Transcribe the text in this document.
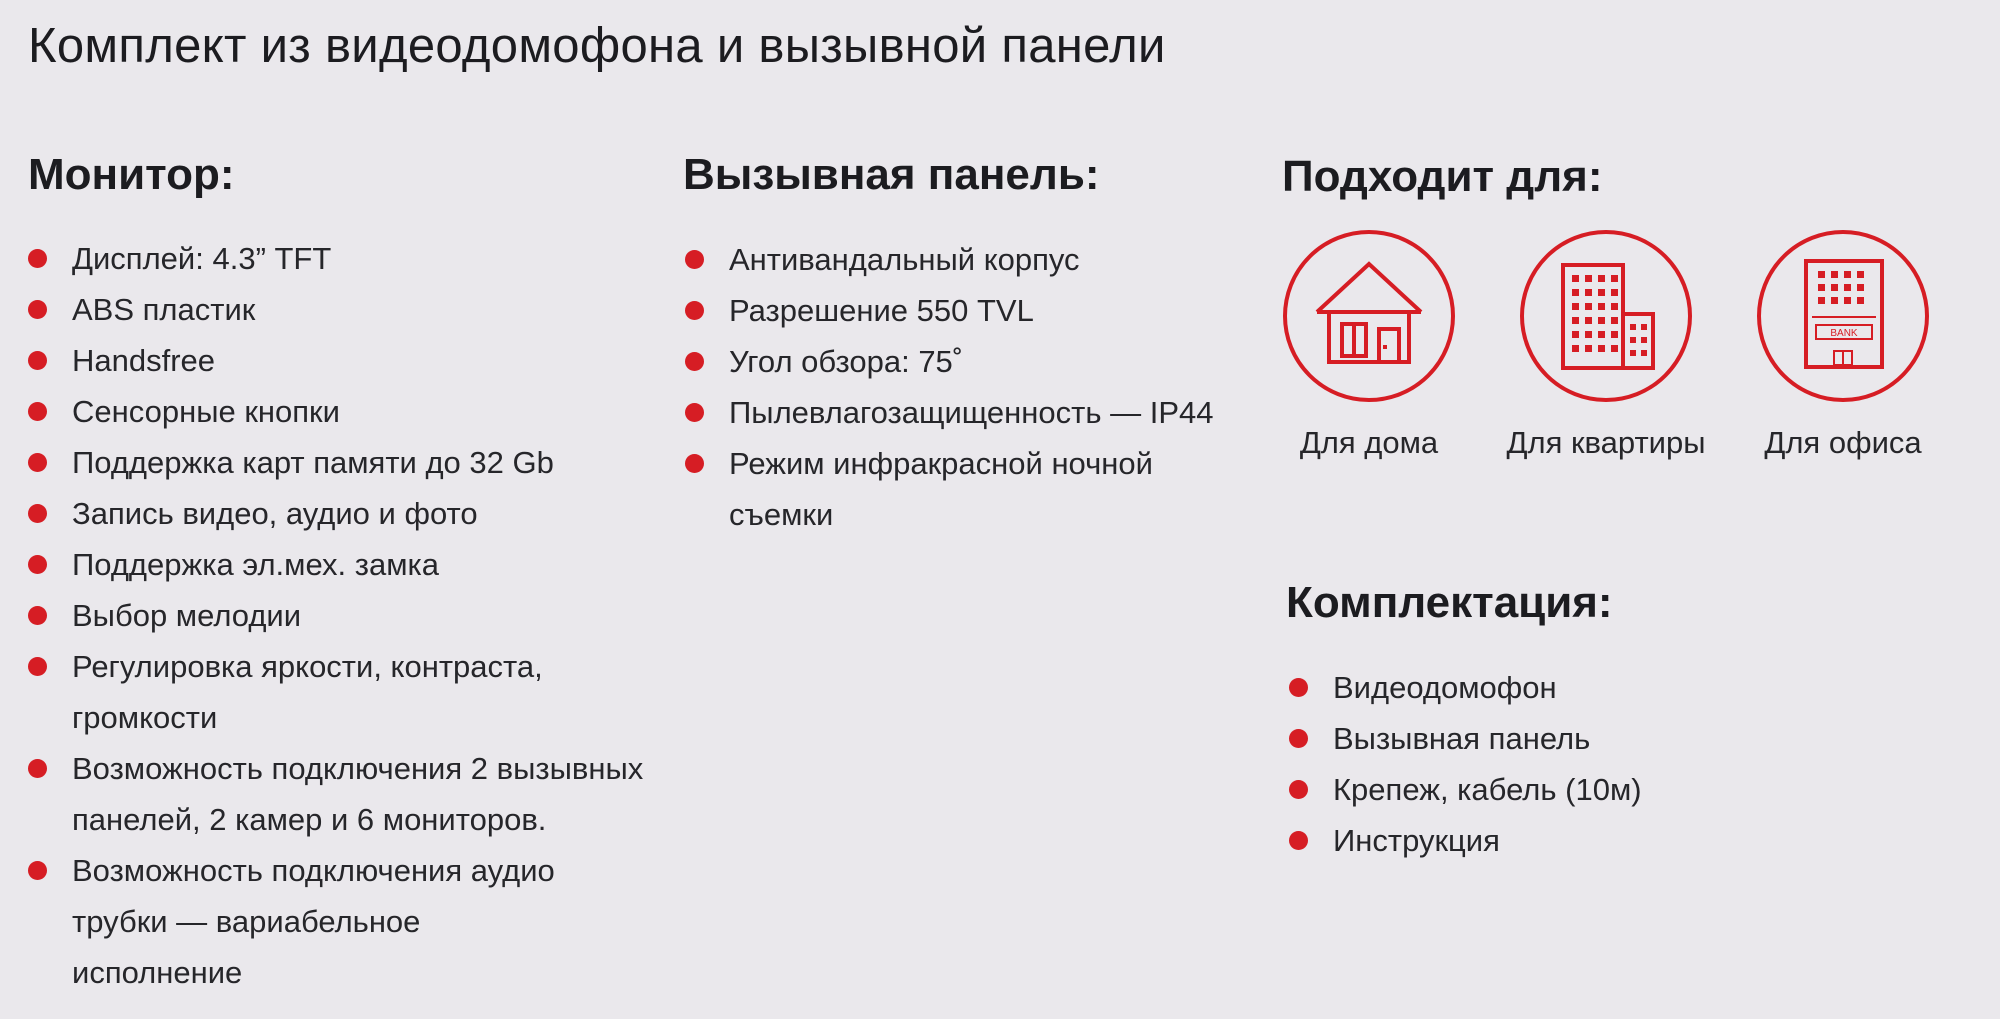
Комплект из видеодомофона и вызывной панели
Монитор:
Дисплей: 4.3” TFT
ABS пластик
Handsfree
Сенсорные кнопки
Поддержка карт памяти до 32 Gb
Запись видео, аудио и фото
Поддержка эл.мех. замка
Выбор мелодии
Регулировка яркости, контраста, громкости
Возможность подключения 2 вызывных панелей, 2 камер и 6 мониторов.
Возможность подключения аудио трубки — вариабельное исполнение
Вызывная панель:
Антивандальный корпус
Разрешение 550 TVL
Угол обзора: 75˚
Пылевлагозащищенность — IP44
Режим инфракрасной ночной съемки
Подходит для:
Для дома	Для квартиры
BANK
Для офиса
Комплектация:
Видеодомофон
Вызывная панель
Крепеж, кабель (10м)
Инструкция
